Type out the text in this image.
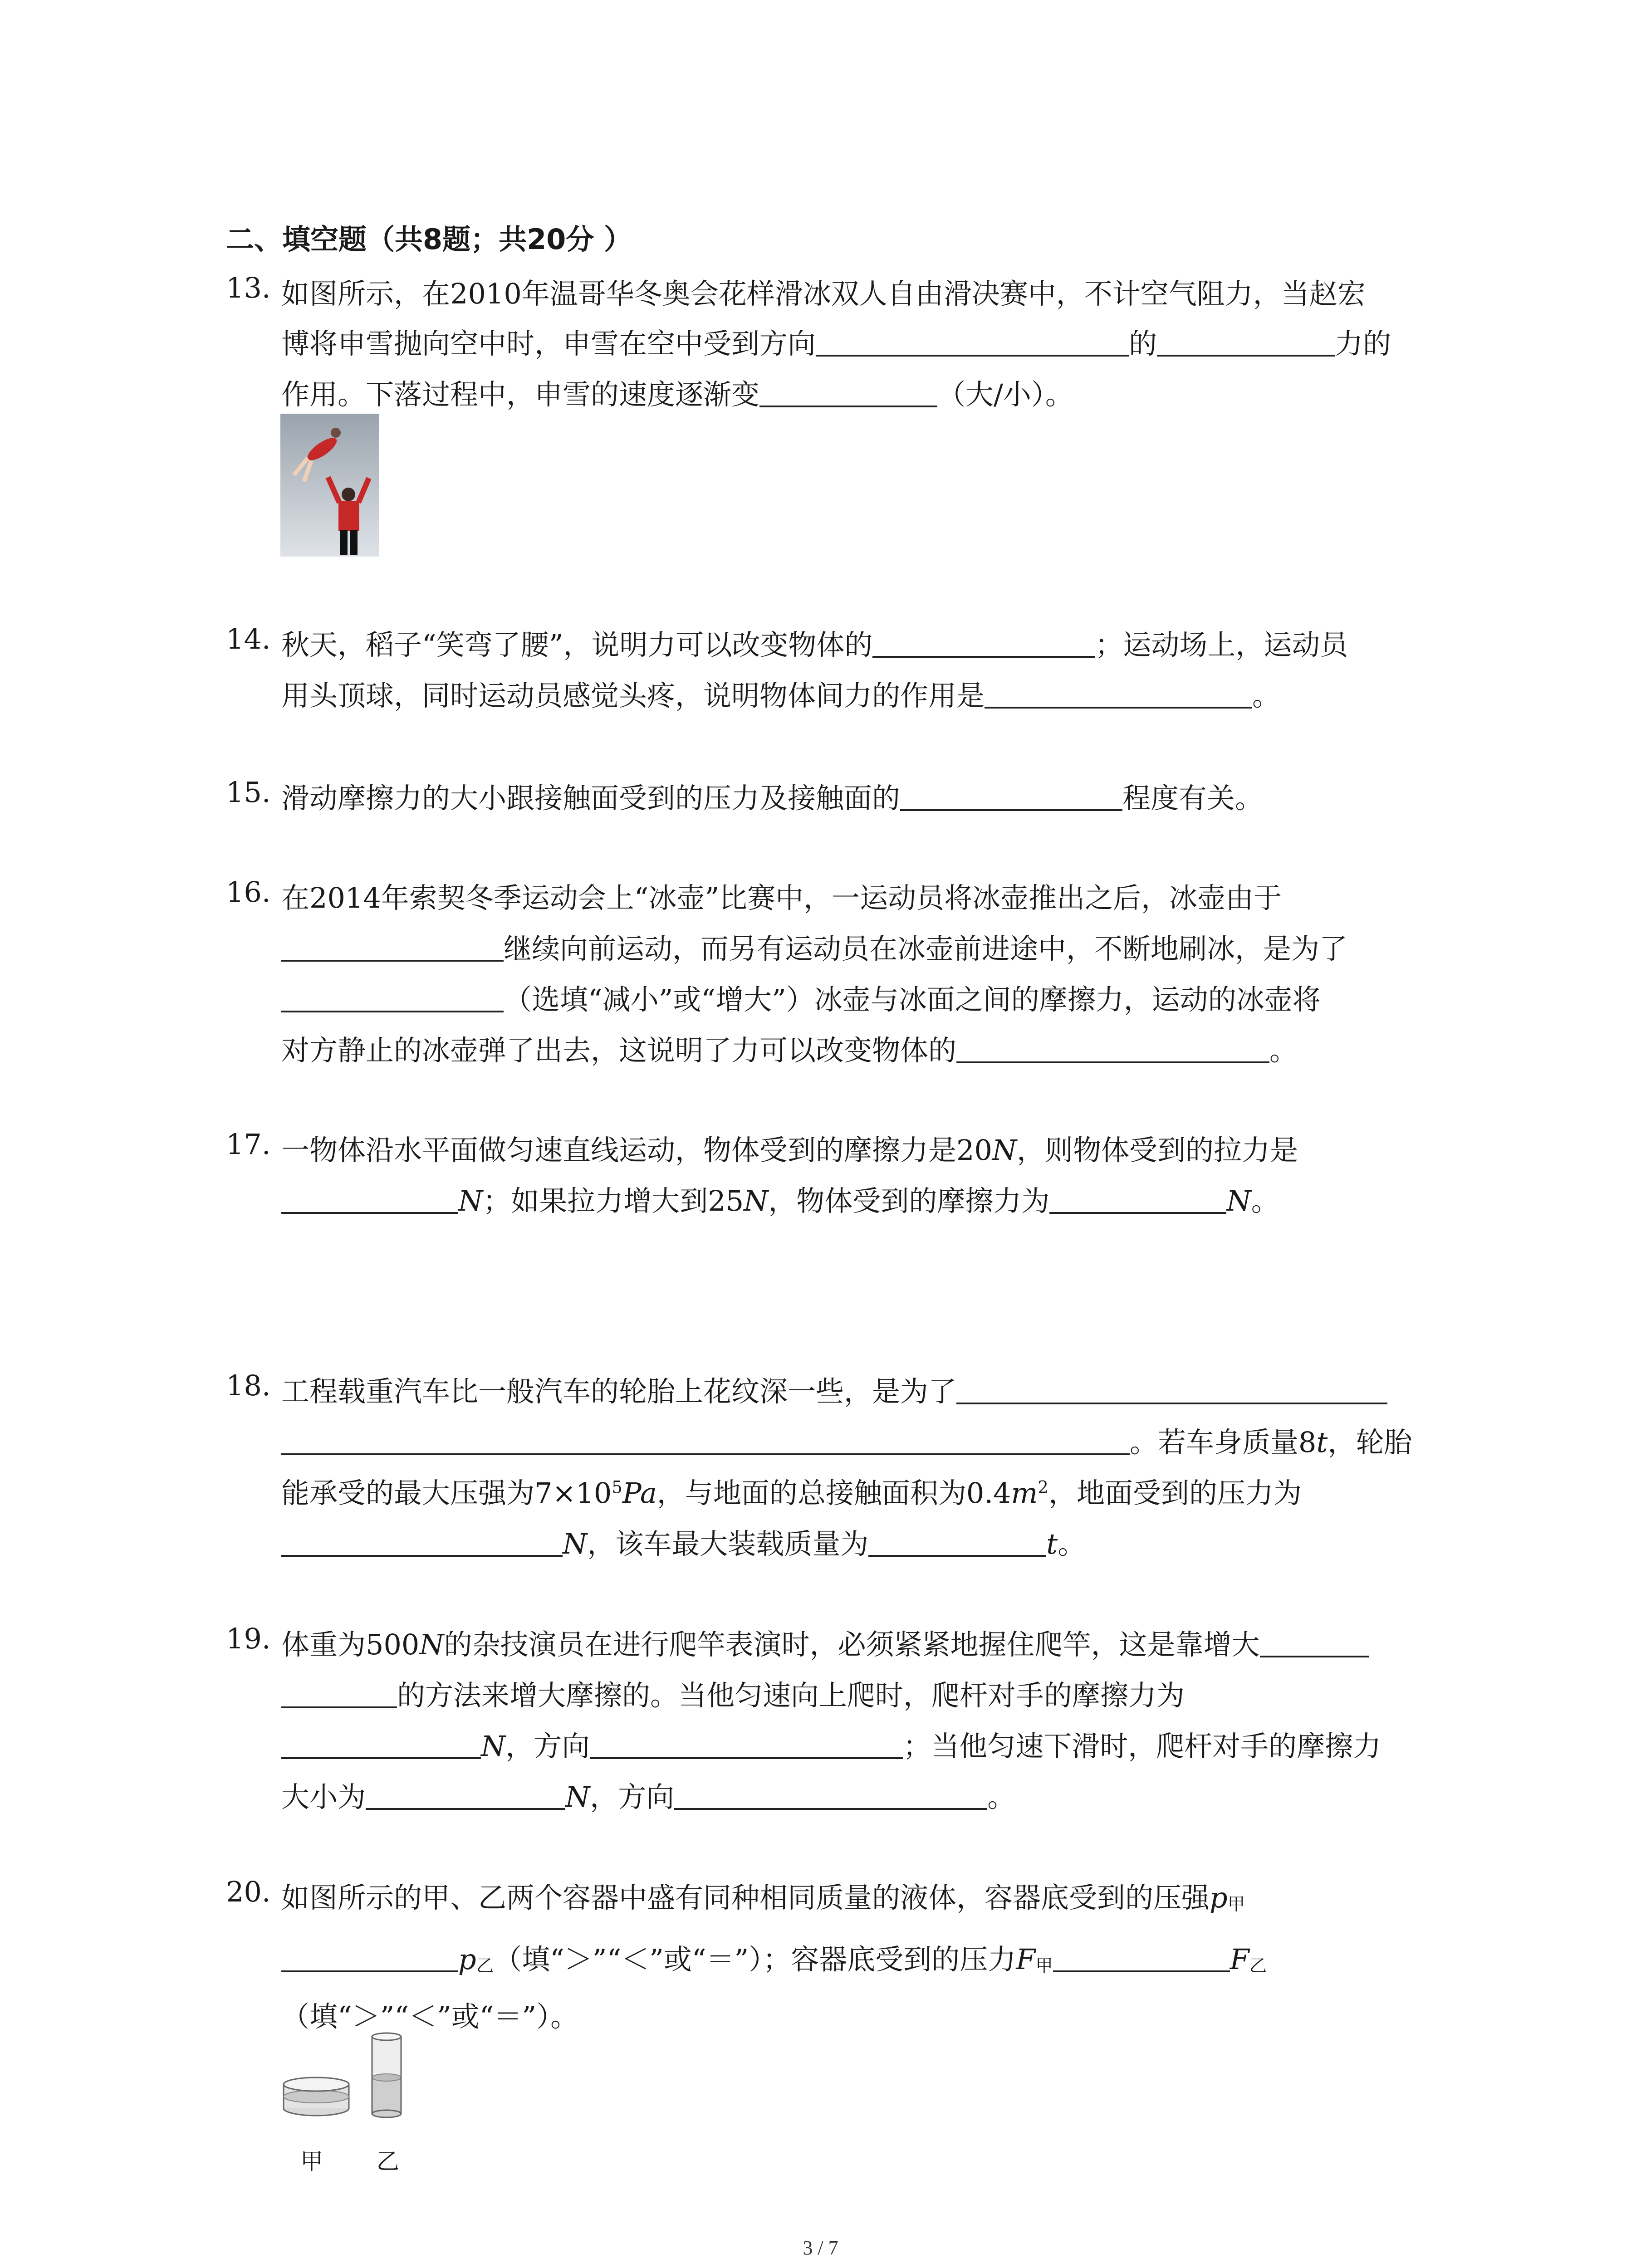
二、填空题（共8题；共20分 ）
13. 如图所示，在2010年温哥华冬奥会花样滑冰双人自由滑决赛中，不计空气阻力，当赵宏
博将申雪抛向空中时，申雪在空中受到方向	的	力的
作用。下落过程中，申雪的速度逐渐变	（大/小）。
14. 秋天，稻子“笑弯了腰”，说明力可以改变物体的	；运动场上，运动员
用头顶球，同时运动员感觉头疼，说明物体间力的作用是	。
15. 滑动摩擦力的大小跟接触面受到的压力及接触面的	程度有关。
16. 在2014年索契冬季运动会上“冰壶”比赛中，一运动员将冰壶推出之后，冰壶由于
继续向前运动，而另有运动员在冰壶前进途中，不断地刷冰，是为了
（选填“减小”或“增大”）冰壶与冰面之间的摩擦力，运动的冰壶将
对方静止的冰壶弹了出去，这说明了力可以改变物体的	。
17. 一物体沿水平面做匀速直线运动，物体受到的摩擦力是20N，则物体受到的拉力是
N；如果拉力增大到25N，物体受到的摩擦力为	N。
18. 工程载重汽车比一般汽车的轮胎上花纹深一些，是为了
。若车身质量8t，轮胎
能承受的最大压强为$7\times 10^5Pa$，与地面的总接触面积为$0.4m^2$，地面受到的压力为
N，该车最大装载质量为	t。
19. 体重为500N的杂技演员在进行爬竿表演时，必须紧紧地握住爬竿，这是靠增大
的方法来增大摩擦的。当他匀速向上爬时，爬杆对手的摩擦力为
N，方向	；当他匀速下滑时，爬杆对手的摩擦力
大小为	N，方向	。
20. 如图所示的甲、乙两个容器中盛有同种相同质量的液体，容器底受到的压强p甲
p乙（填“＞”“＜”或“＝”）；容器底受到的压力F甲	F乙
（填“＞”“＜”或“＝”）。
甲 乙
3 / 7
